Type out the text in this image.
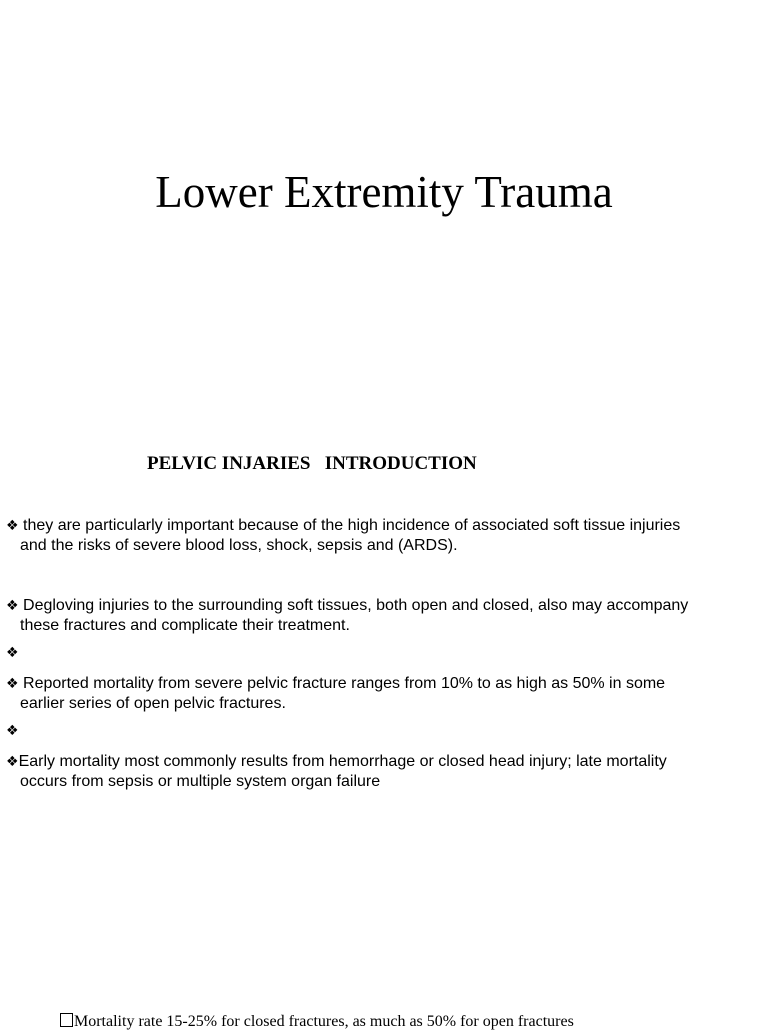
Lower Extremity Trauma
PELVIC INJARIES   INTRODUCTION
❖ they are particularly important because of the high incidence of associated soft tissue injuries
and the risks of severe blood loss, shock, sepsis and (ARDS).
❖ Degloving injuries to the surrounding soft tissues, both open and closed, also may accompany
these fractures and complicate their treatment.
❖
❖ Reported mortality from severe pelvic fracture ranges from 10% to as high as 50% in some
earlier series of open pelvic fractures.
❖
❖Early mortality most commonly results from hemorrhage or closed head injury; late mortality
occurs from sepsis or multiple system organ failure
Mortality rate 15-25% for closed fractures, as much as 50% for open fractures
